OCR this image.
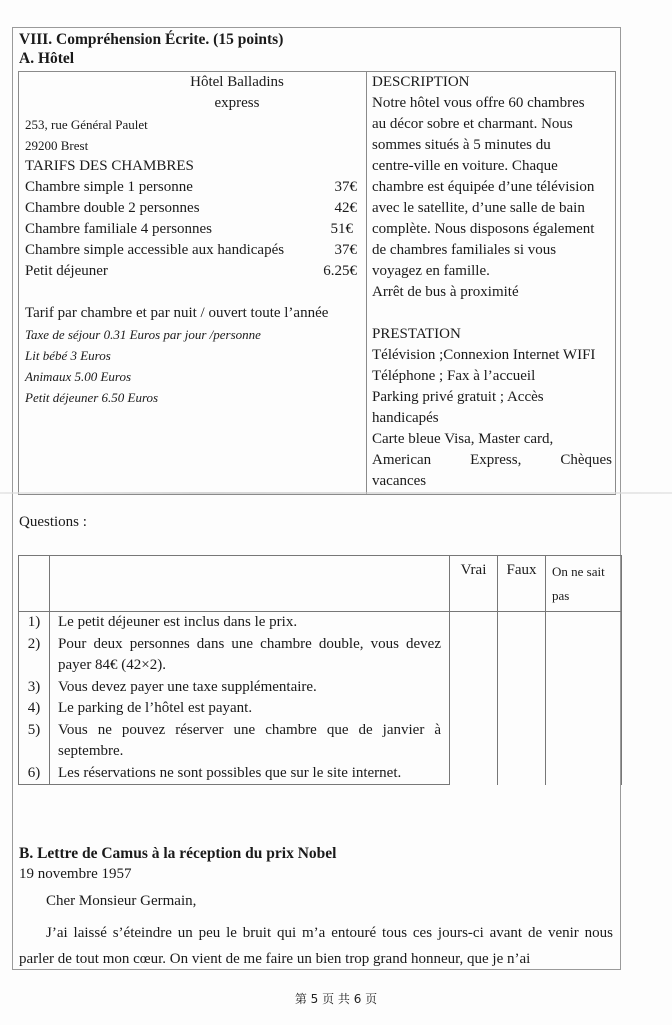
VIII. Compréhension Écrite. (15 points)
A. Hôtel
Hôtel Balladins
express
253, rue Général Paulet
29200 Brest
TARIFS DES CHAMBRES
Chambre simple 1 personne	37€
Chambre double 2 personnes	42€
Chambre familiale 4 personnes	51€
Chambre simple accessible aux handicapés	37€
Petit déjeuner	6.25€
Tarif par chambre et par nuit / ouvert toute l’année
Taxe de séjour 0.31 Euros par jour /personne
Lit bébé 3 Euros
Animaux 5.00 Euros
Petit déjeuner 6.50 Euros
DESCRIPTION
Notre hôtel vous offre 60 chambres
au décor sobre et charmant. Nous
sommes situés à 5 minutes du
centre-ville en voiture. Chaque
chambre est équipée d’une télévision
avec le satellite, d’une salle de bain
complète. Nous disposons également
de chambres familiales si vous
voyagez en famille.
Arrêt de bus à proximité
PRESTATION
Télévision ;Connexion Internet WIFI
Téléphone ; Fax à l’accueil
Parking privé gratuit ; Accès
handicapés
Carte bleue Visa, Master card,
American	Express,	Chèques
vacances
Questions :
		Vrai	Faux	On ne sait pas
1)	Le petit déjeuner est inclus dans le prix.			
2)	Pour deux personnes dans une chambre double, vous devez payer 84€ (42×2).			
3)	Vous devez payer une taxe supplémentaire.			
4)	Le parking de l’hôtel est payant.			
5)	Vous ne pouvez réserver une chambre que de janvier à septembre.			
6)	Les réservations ne sont possibles que sur le site internet.			
B. Lettre de Camus à la réception du prix Nobel
19 novembre 1957
Cher Monsieur Germain,
J’ai laissé s’éteindre un peu le bruit qui m’a entouré tous ces jours-ci avant de venir nous parler de tout mon cœur. On vient de me faire un bien trop grand honneur, que je n’ai
第 5 页 共 6 页
